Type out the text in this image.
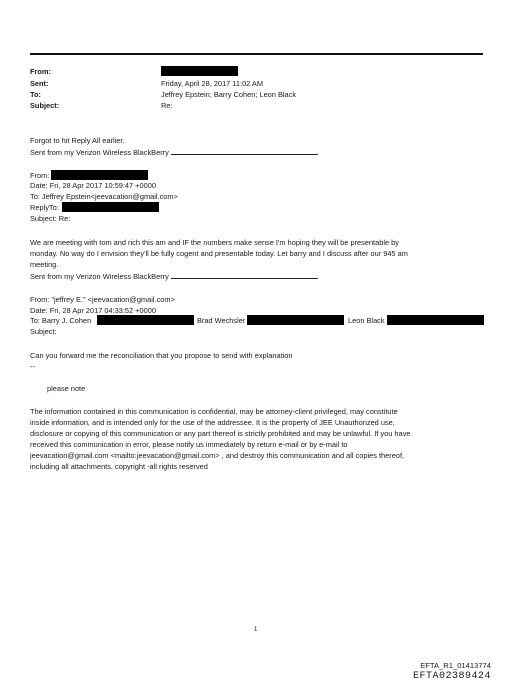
From:
Sent:	Friday, April 28, 2017 11:02 AM
To:	Jeffrey Epstein; Barry Cohen; Leon Black
Subject:	Re:
Forgot to hit Reply All earlier.
Sent from my Verizon Wireless BlackBerry
From:
Date: Fri, 28 Apr 2017 10:59:47 +0000
To: Jeffrey Epstein<jeevacation@gmail.com>
ReplyTo:
Subject: Re:
We are meeting with tom and rich this am and IF the numbers make sense I'm hoping they will be presentable by
monday. No way do I envision they'll be fully cogent and presentable today. Let barry and I discuss after our 945 am
meeting.
Sent from my Verizon Wireless BlackBerry
From: "jeffrey E." <jeevacation@gmail.com>
Date: Fri, 28 Apr 2017 04:33:52 +0000
To: Barry J. Cohen	Brad Wechsler	Leon Black
Subject:
Can you forward me the reconciliation that you propose to send with explanation
--
please note
The information contained in this communication is confidential, may be attorney-client privileged, may constitute
inside information, and is intended only for the use of the addressee. It is the property of JEE Unauthorized use,
disclosure or copying of this communication or any part thereof is strictly prohibited and may be unlawful. If you have
received this communication in error, please notify us immediately by return e-mail or by e-mail to
jeevacation@gmail.com <mailto:jeevacation@gmail.com> , and destroy this communication and all copies thereof,
including all attachments. copyright -all rights reserved
1
EFTA_R1_01413774
EFTA02389424
